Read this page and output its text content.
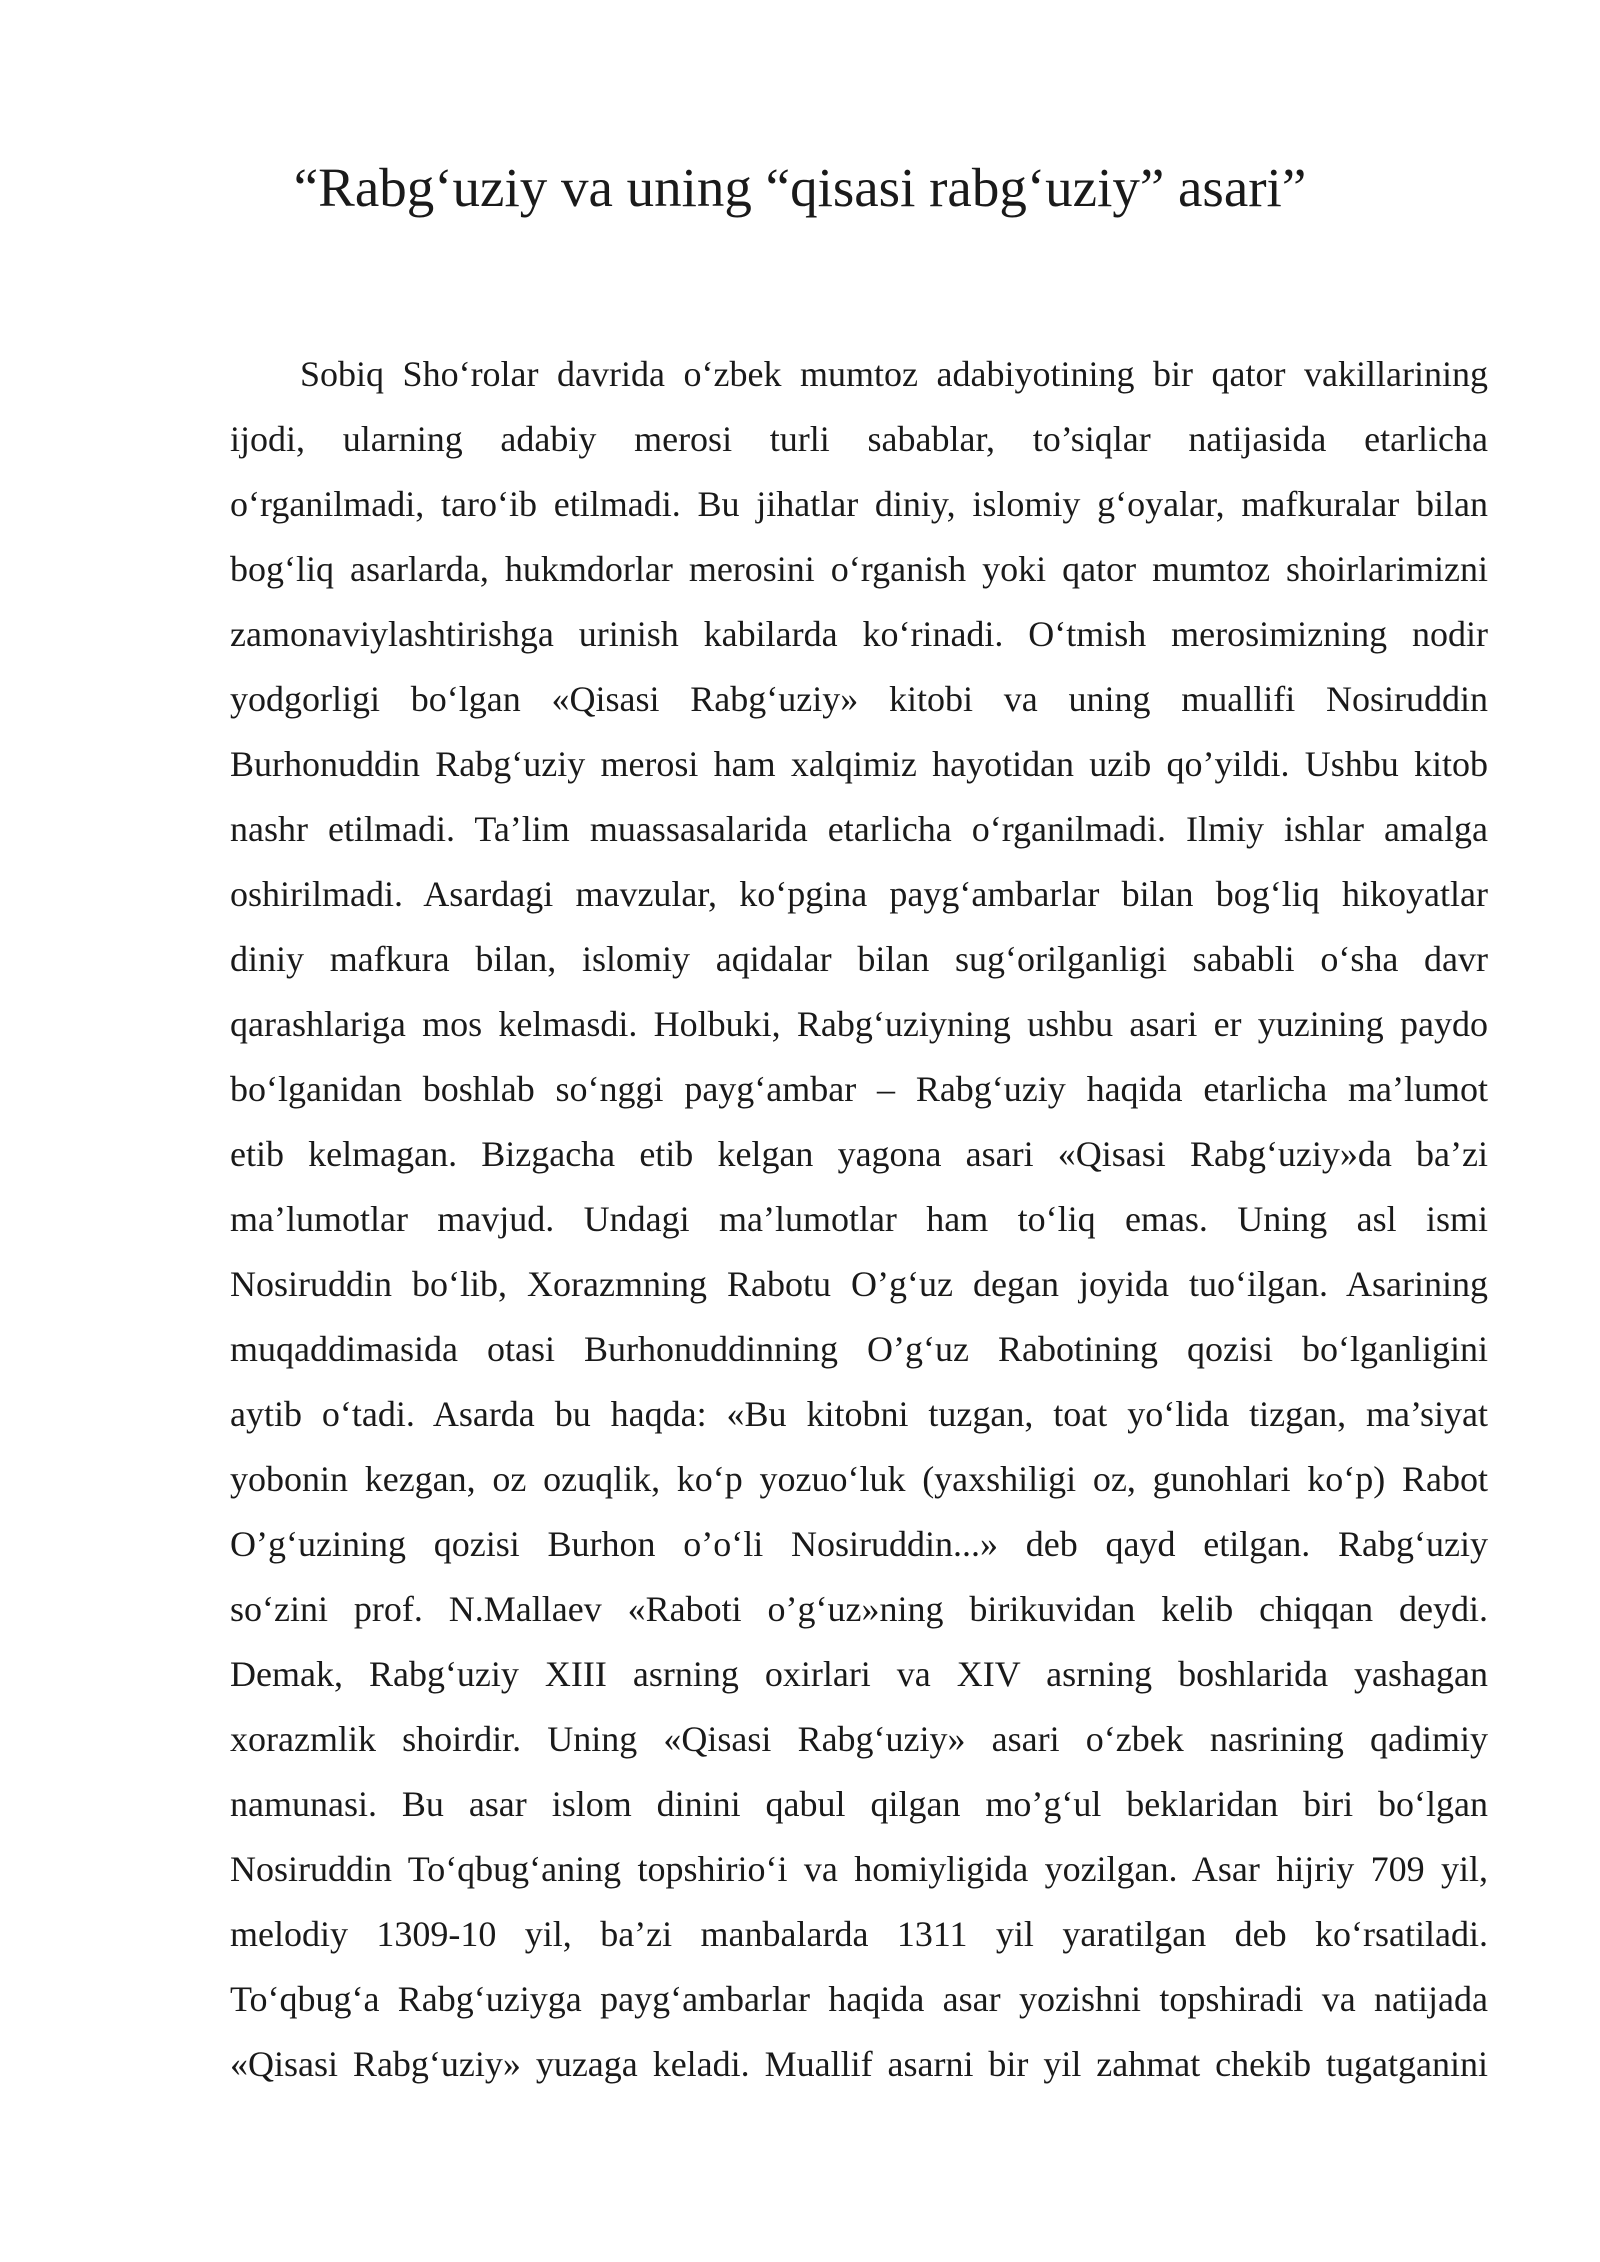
“Rabg‘uziy va uning “qisasi rabg‘uziy” asari”
Sobiq Sho‘rolar davrida o‘zbek mumtoz adabiyotining bir qator vakillarining
ijodi, ularning adabiy merosi turli sabablar, to’siqlar natijasida etarlicha
o‘rganilmadi, taro‘ib etilmadi. Bu jihatlar diniy, islomiy g‘oyalar, mafkuralar bilan
bog‘liq asarlarda, hukmdorlar merosini o‘rganish yoki qator mumtoz shoirlarimizni
zamonaviylashtirishga urinish kabilarda ko‘rinadi. O‘tmish merosimizning nodir
yodgorligi bo‘lgan «Qisasi Rabg‘uziy» kitobi va uning muallifi Nosiruddin
Burhonuddin Rabg‘uziy merosi ham xalqimiz hayotidan uzib qo’yildi. Ushbu kitob
nashr etilmadi. Ta’lim muassasalarida etarlicha o‘rganilmadi. Ilmiy ishlar amalga
oshirilmadi. Asardagi mavzular, ko‘pgina payg‘ambarlar bilan bog‘liq hikoyatlar
diniy mafkura bilan, islomiy aqidalar bilan sug‘orilganligi sababli o‘sha davr
qarashlariga mos kelmasdi. Holbuki, Rabg‘uziyning ushbu asari er yuzining paydo
bo‘lganidan boshlab so‘nggi payg‘ambar – Rabg‘uziy haqida etarlicha ma’lumot
etib kelmagan. Bizgacha etib kelgan yagona asari «Qisasi Rabg‘uziy»da ba’zi
ma’lumotlar mavjud. Undagi ma’lumotlar ham to‘liq emas. Uning asl ismi
Nosiruddin bo‘lib, Xorazmning Rabotu O’g‘uz degan joyida tuo‘ilgan. Asarining
muqaddimasida otasi Burhonuddinning O’g‘uz Rabotining qozisi bo‘lganligini
aytib o‘tadi. Asarda bu haqda: «Bu kitobni tuzgan, toat yo‘lida tizgan, ma’siyat
yobonin kezgan, oz ozuqlik, ko‘p yozuo‘luk (yaxshiligi oz, gunohlari ko‘p) Rabot
O’g‘uzining qozisi Burhon o’o‘li Nosiruddin...» deb qayd etilgan. Rabg‘uziy
so‘zini prof. N.Mallaev «Raboti o’g‘uz»ning birikuvidan kelib chiqqan deydi.
Demak, Rabg‘uziy XIII asrning oxirlari va XIV asrning boshlarida yashagan
xorazmlik shoirdir. Uning «Qisasi Rabg‘uziy» asari o‘zbek nasrining qadimiy
namunasi. Bu asar islom dinini qabul qilgan mo’g‘ul beklaridan biri bo‘lgan
Nosiruddin To‘qbug‘aning topshirio‘i va homiyligida yozilgan. Asar hijriy 709 yil,
melodiy 1309-10 yil, ba’zi manbalarda 1311 yil yaratilgan deb ko‘rsatiladi.
To‘qbug‘a Rabg‘uziyga payg‘ambarlar haqida asar yozishni topshiradi va natijada
«Qisasi Rabg‘uziy» yuzaga keladi. Muallif asarni bir yil zahmat chekib tugatganini
